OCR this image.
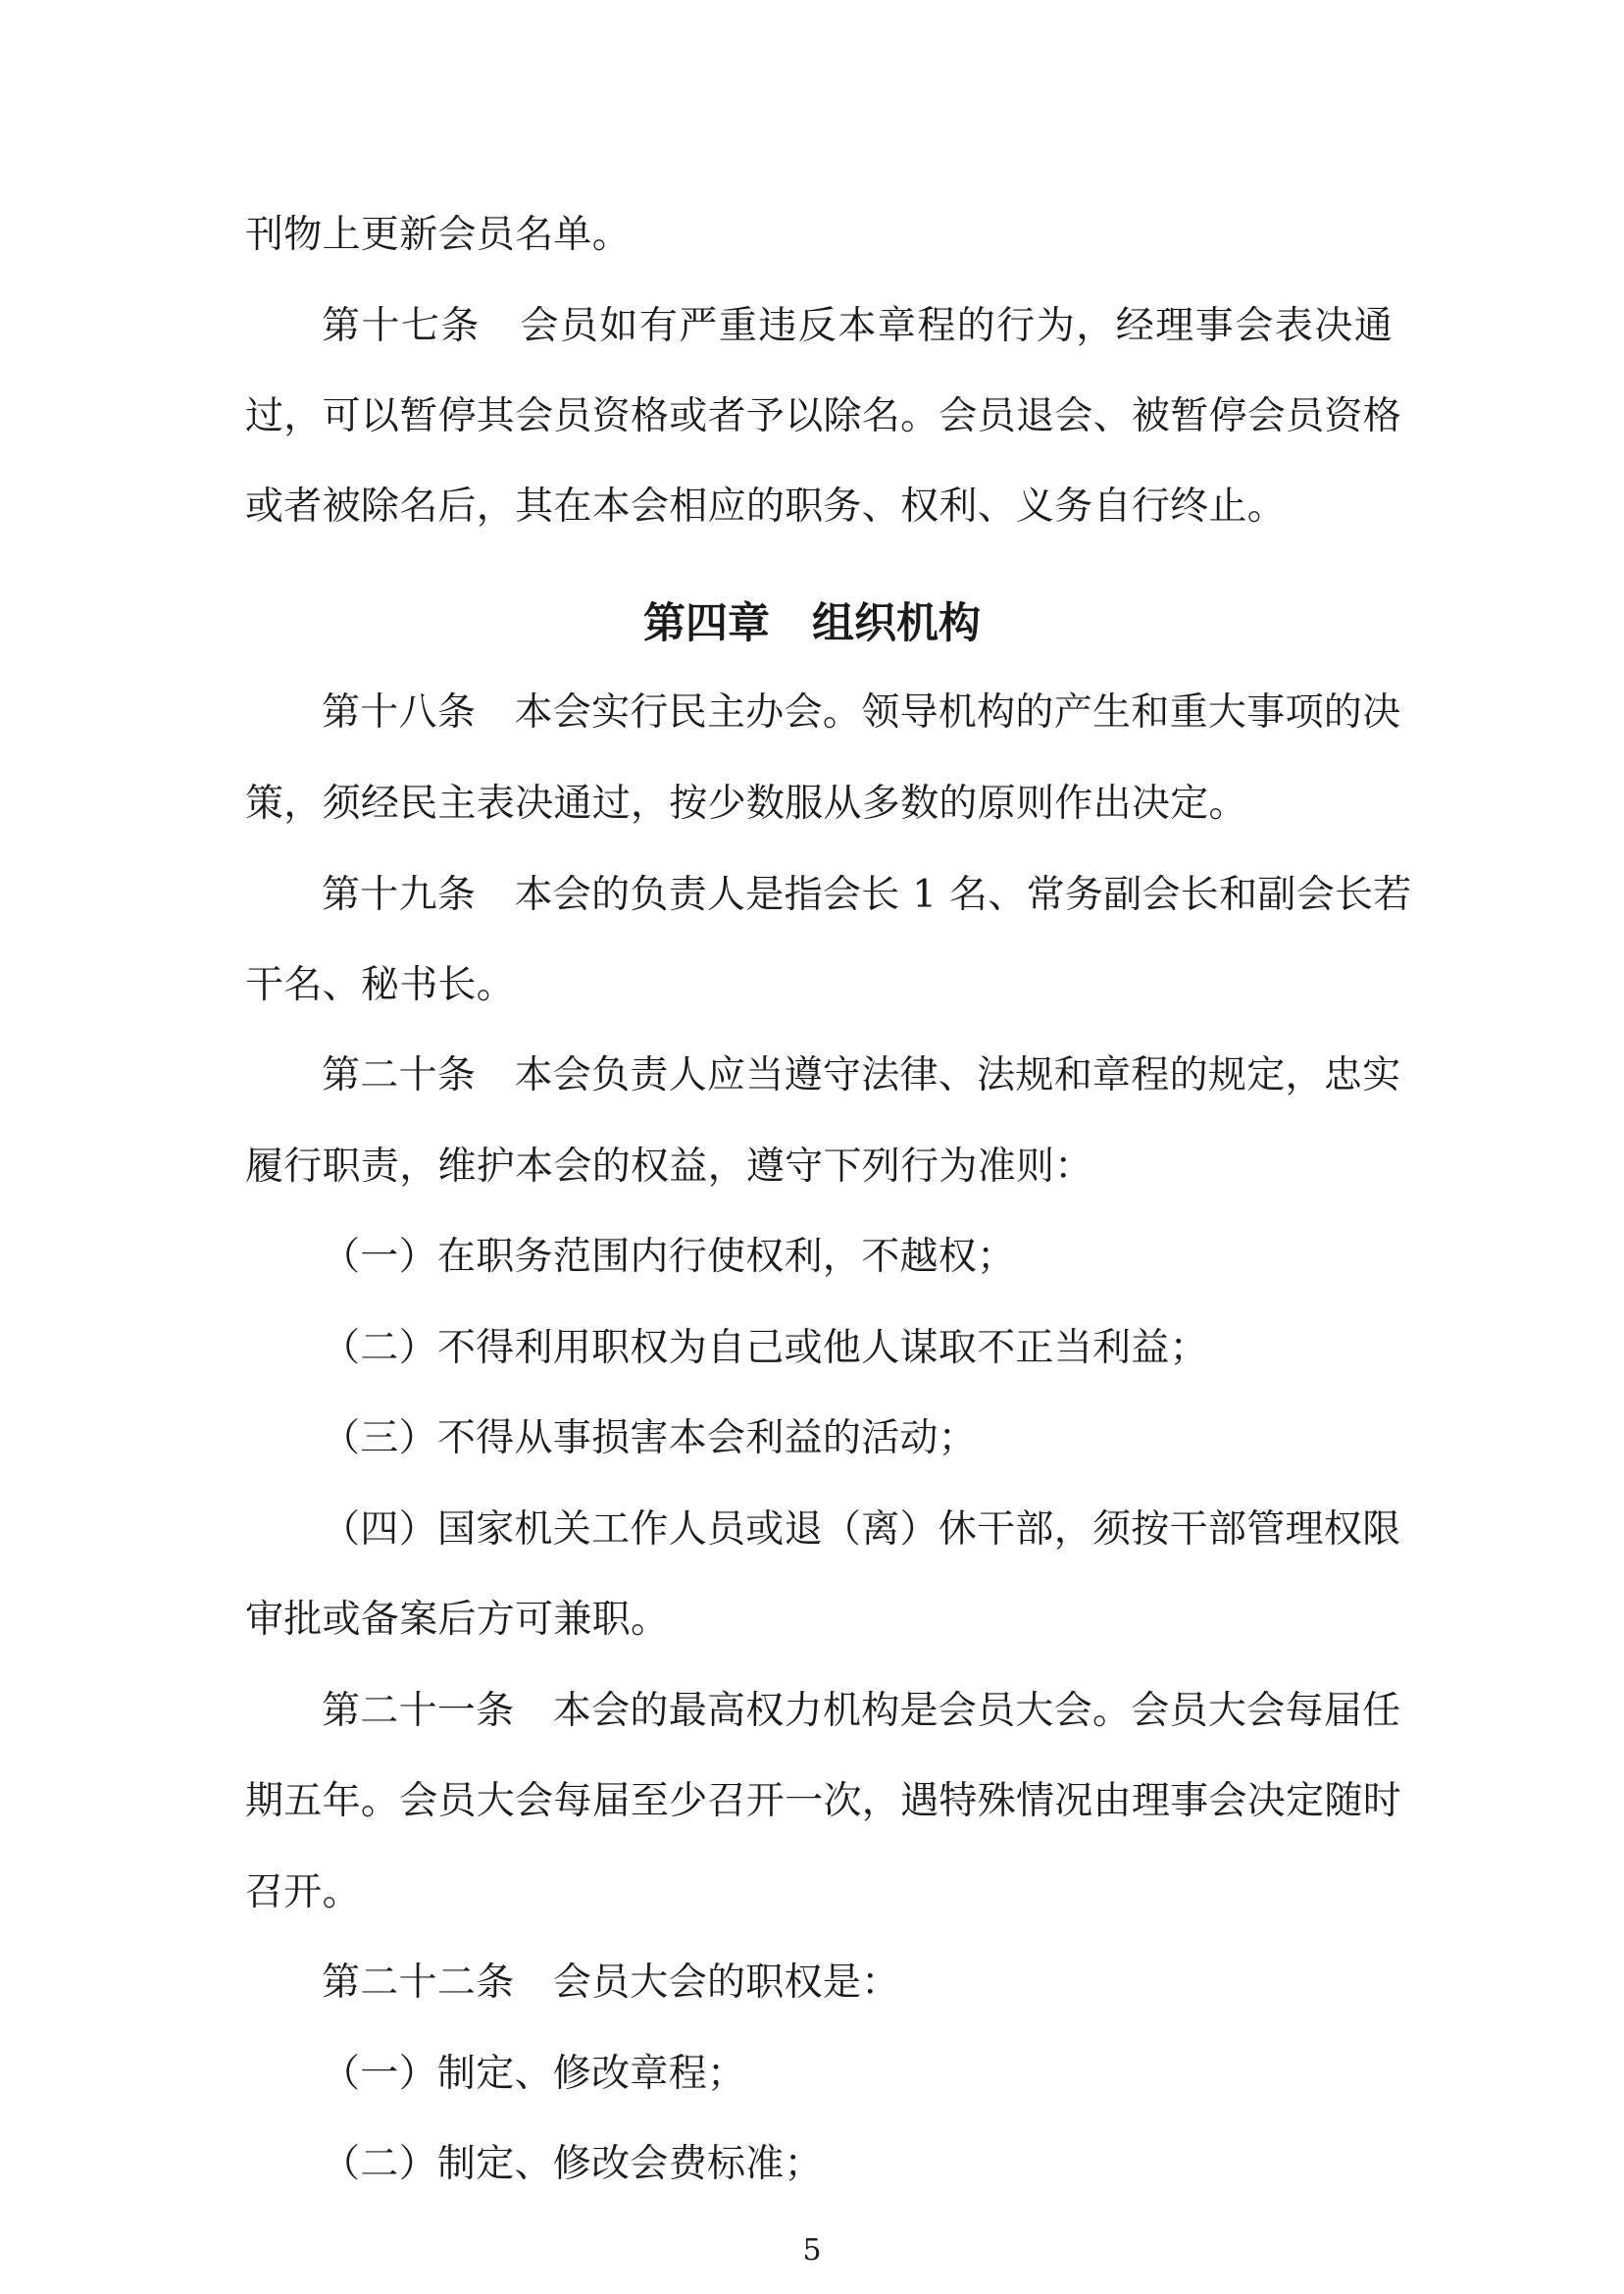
刊物上更新会员名单。
第十七条　会员如有严重违反本章程的行为，经理事会表决通
过，可以暂停其会员资格或者予以除名。会员退会、被暂停会员资格
或者被除名后，其在本会相应的职务、权利、义务自行终止。
第四章　组织机构
第十八条　本会实行民主办会。领导机构的产生和重大事项的决
策，须经民主表决通过，按少数服从多数的原则作出决定。
第十九条　本会的负责人是指会长 1 名、常务副会长和副会长若
干名、秘书长。
第二十条　本会负责人应当遵守法律、法规和章程的规定，忠实
履行职责，维护本会的权益，遵守下列行为准则：
（一）在职务范围内行使权利，不越权；
（二）不得利用职权为自己或他人谋取不正当利益；
（三）不得从事损害本会利益的活动；
（四）国家机关工作人员或退（离）休干部，须按干部管理权限
审批或备案后方可兼职。
第二十一条　本会的最高权力机构是会员大会。会员大会每届任
期五年。会员大会每届至少召开一次，遇特殊情况由理事会决定随时
召开。
第二十二条　会员大会的职权是：
（一）制定、修改章程；
（二）制定、修改会费标准；
5
